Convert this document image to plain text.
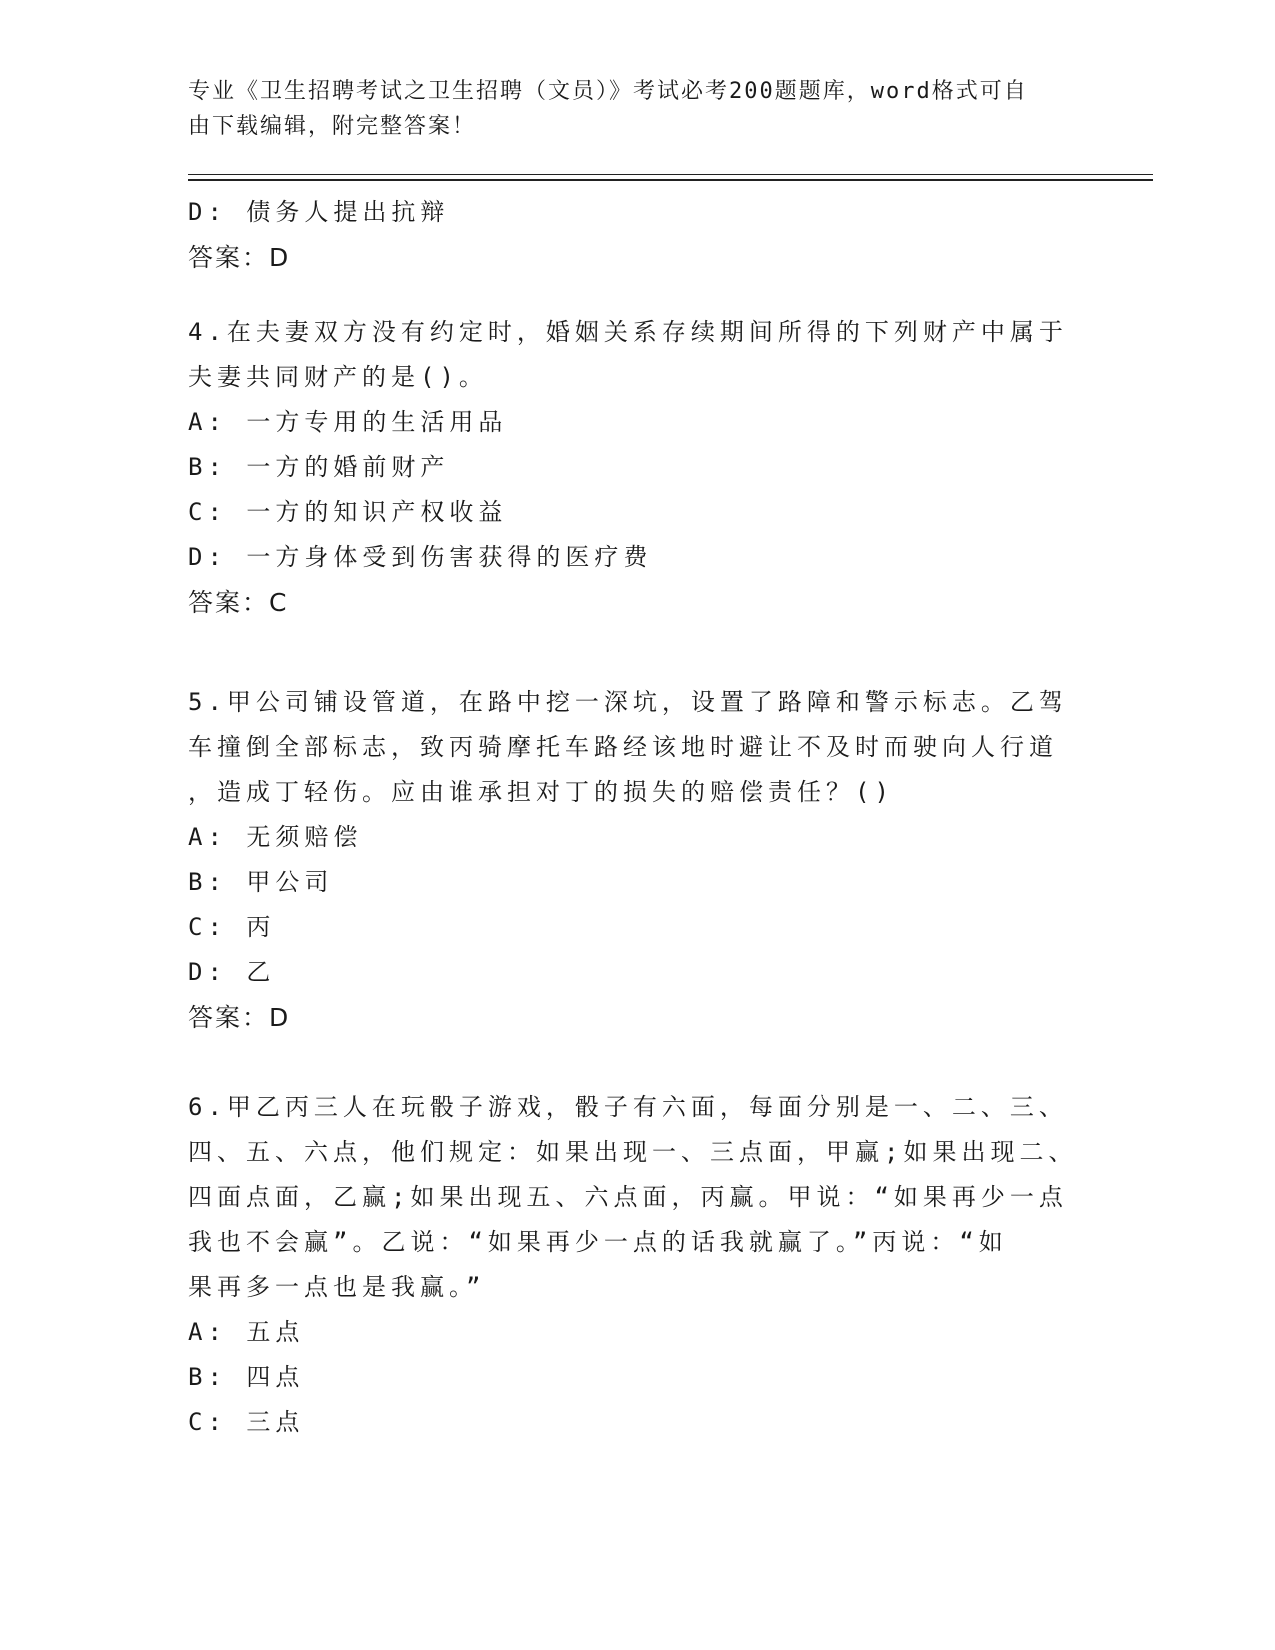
专业《卫生招聘考试之卫生招聘（文员）》考试必考200题题库，word格式可自
由下载编辑，附完整答案！
D: 债务人提出抗辩
答案：D
4.在夫妻双方没有约定时，婚姻关系存续期间所得的下列财产中属于
夫妻共同财产的是()。
A: 一方专用的生活用品
B: 一方的婚前财产
C: 一方的知识产权收益
D: 一方身体受到伤害获得的医疗费
答案：C
5.甲公司铺设管道，在路中挖一深坑，设置了路障和警示标志。乙驾
车撞倒全部标志，致丙骑摩托车路经该地时避让不及时而驶向人行道
，造成丁轻伤。应由谁承担对丁的损失的赔偿责任？()
A: 无须赔偿
B: 甲公司
C: 丙
D: 乙
答案：D
6.甲乙丙三人在玩骰子游戏，骰子有六面，每面分别是一、二、三、
四、五、六点，他们规定：如果出现一、三点面，甲赢;如果出现二、
四面点面，乙赢;如果出现五、六点面，丙赢。甲说：“如果再少一点
我也不会赢”。乙说：“如果再少一点的话我就赢了。”丙说：“如
果再多一点也是我赢。”
A: 五点
B: 四点
C: 三点
